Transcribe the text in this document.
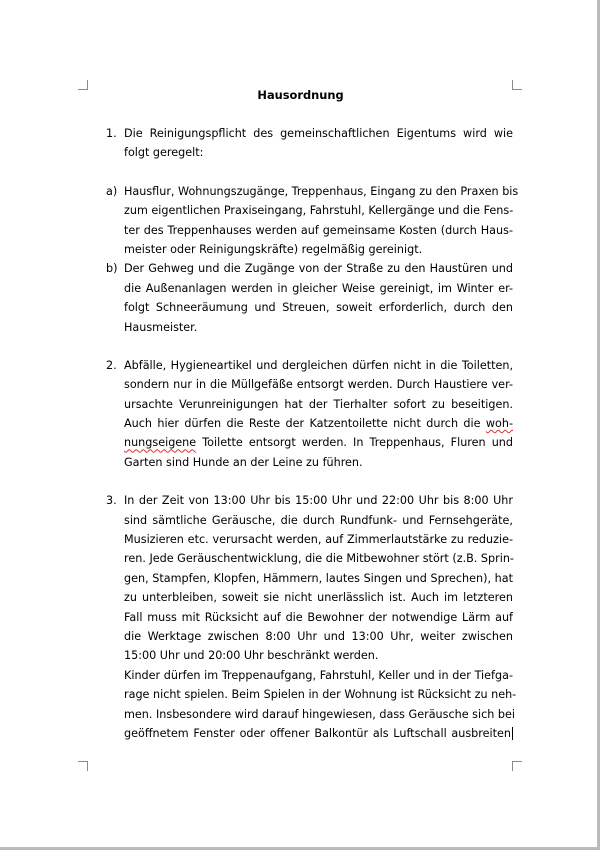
Hausordnung
1. Die Reinigungspflicht des gemeinschaftlichen Eigentums wird wie
folgt geregelt:
a) Hausflur, Wohnungszugänge, Treppenhaus, Eingang zu den Praxen bis
zum eigentlichen Praxiseingang, Fahrstuhl, Kellergänge und die Fens-
ter des Treppenhauses werden auf gemeinsame Kosten (durch Haus-
meister oder Reinigungskräfte) regelmäßig gereinigt.
b) Der Gehweg und die Zugänge von der Straße zu den Haustüren und
die Außenanlagen werden in gleicher Weise gereinigt, im Winter er-
folgt Schneeräumung und Streuen, soweit erforderlich, durch den
Hausmeister.
2. Abfälle, Hygieneartikel und dergleichen dürfen nicht in die Toiletten,
sondern nur in die Müllgefäße entsorgt werden. Durch Haustiere ver-
ursachte Verunreinigungen hat der Tierhalter sofort zu beseitigen.
Auch hier dürfen die Reste der Katzentoilette nicht durch die woh-
nungseigene Toilette entsorgt werden. In Treppenhaus, Fluren und
Garten sind Hunde an der Leine zu führen.
3. In der Zeit von 13:00 Uhr bis 15:00 Uhr und 22:00 Uhr bis 8:00 Uhr
sind sämtliche Geräusche, die durch Rundfunk- und Fernsehgeräte,
Musizieren etc. verursacht werden, auf Zimmerlautstärke zu reduzie-
ren. Jede Geräuschentwicklung, die die Mitbewohner stört (z.B. Sprin-
gen, Stampfen, Klopfen, Hämmern, lautes Singen und Sprechen), hat
zu unterbleiben, soweit sie nicht unerlässlich ist. Auch im letzteren
Fall muss mit Rücksicht auf die Bewohner der notwendige Lärm auf
die Werktage zwischen 8:00 Uhr und 13:00 Uhr, weiter zwischen
15:00 Uhr und 20:00 Uhr beschränkt werden.
Kinder dürfen im Treppenaufgang, Fahrstuhl, Keller und in der Tiefga-
rage nicht spielen. Beim Spielen in der Wohnung ist Rücksicht zu neh-
men. Insbesondere wird darauf hingewiesen, dass Geräusche sich bei
geöffnetem Fenster oder offener Balkontür als Luftschall ausbreiten
